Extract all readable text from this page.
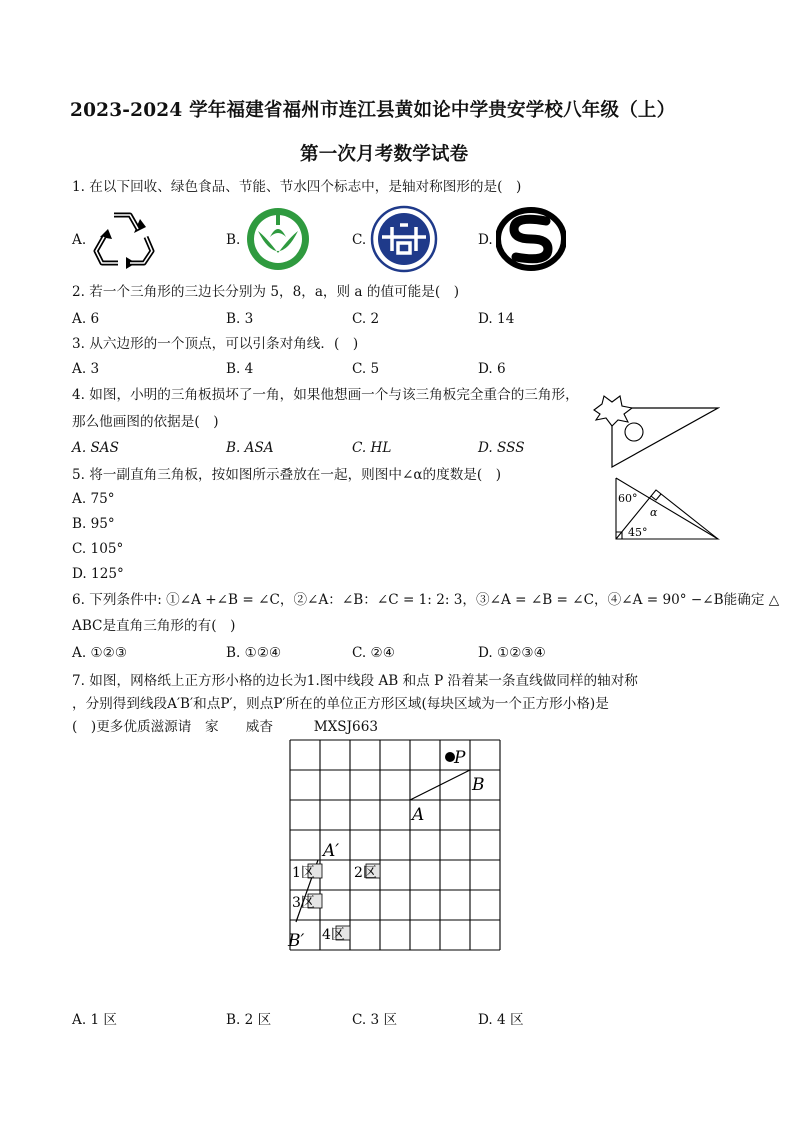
2023-2024 学年福建省福州市连江县黄如论中学贵安学校八年级（上）
第一次月考数学试卷
1. 在以下回收、绿色食品、节能、节水四个标志中，是轴对称图形的是(　)
A.	B.	C.	D.
2. 若一个三角形的三边长分别为 5，8，a，则 a 的值可能是(　)
A. 6	B. 3	C. 2	D. 14
3. 从六边形的一个顶点，可以引条对角线．(　)
A. 3	B. 4	C. 5	D. 6
4. 如图，小明的三角板损坏了一角，如果他想画一个与该三角板完全重合的三角形，
那么他画图的依据是(　)
A. SAS	B. ASA	C. HL	D. SSS
5. 将一副直角三角板，按如图所示叠放在一起，则图中∠α的度数是(　)
A. 75°
B. 95°
C. 105°
D. 125°
60°
45°
α
6. 下列条件中: ①∠A +∠B = ∠C，②∠A：∠B：∠C = 1: 2: 3，③∠A = ∠B = ∠C，④∠A = 90° −∠B能确定 △
ABC是直角三角形的有(　)
A. ①②③	B. ①②④	C. ②④	D. ①②③④
7. 如图，网格纸上正方形小格的边长为1.图中线段 AB 和点 P 沿着某一条直线做同样的轴对称
，分别得到线段A′B′和点P′，则点P′所在的单位正方形区域(每块区域为一个正方形小格)是
(　)更多优质滋源请　家　　威杳　　　MXSJ663
P
B
A
A′
B′
1区	2区
3区
4区
A. 1 区	B. 2 区	C. 3 区	D. 4 区
